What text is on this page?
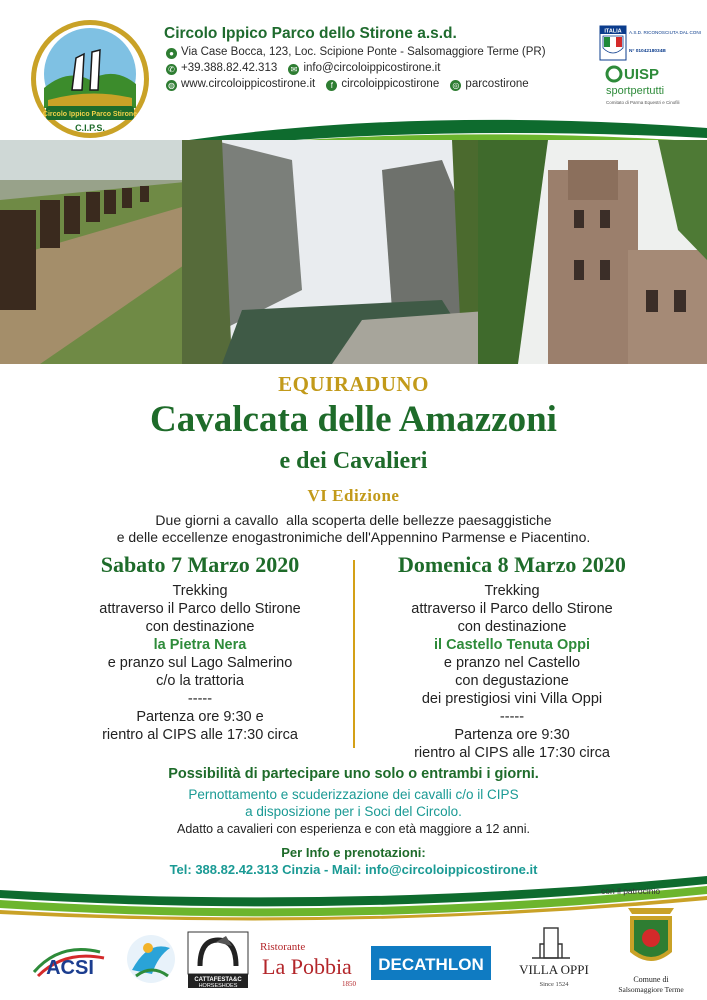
Circolo Ippico Parco Stirone
C.I.P.S.
Circolo Ippico Parco dello Stirone a.s.d.
● Via Case Bocca, 123, Loc. Scipione Ponte - Salsomaggiore Terme (PR)
✆ +39.388.82.42.313 ✉ info@circoloippicostirone.it
◍ www.circoloippicostirone.it f circoloippicostirone ◎ parcostirone
ITALIA A.S.D. RICONOSCIUTA DAL CONI
N° 0104218034B
UISP
sportpertutti
Comitato di Parma Equestri e Cinofili
EQUIRADUNO
Cavalcata delle Amazzoni
e dei Cavalieri
VI Edizione
Due giorni a cavallo  alla scoperta delle bellezze paesaggistiche
e delle eccellenze enogastronimiche dell'Appennino Parmense e Piacentino.
Sabato 7 Marzo 2020
Trekking
attraverso il Parco dello Stirone
con destinazione
la Pietra Nera
e pranzo sul Lago Salmerino
c/o la trattoria
-----
Partenza ore 9:30 e
rientro al CIPS alle 17:30 circa
Domenica 8 Marzo 2020
Trekking
attraverso il Parco dello Stirone
con destinazione
il Castello Tenuta Oppi
e pranzo nel Castello
con degustazione
dei prestigiosi vini Villa Oppi
-----
Partenza ore 9:30
rientro al CIPS alle 17:30 circa
Possibilità di partecipare uno solo o entrambi i giorni.
Pernottamento e scuderizzazione dei cavalli c/o il CIPS
a disposizione per i Soci del Circolo.
Adatto a cavalieri con esperienza e con età maggiore a 12 anni.
Per Info e prenotazioni:
Tel: 388.82.42.313 Cinzia - Mail: info@circoloippicostirone.it
con il patrocinio
ACSI
CATTAFESTA&C
HORSESHOES
Ristorante
La Pobbia
1850
DECATHLON	VILLA OPPI
Since 1524
Comune di
Salsomaggiore Terme
